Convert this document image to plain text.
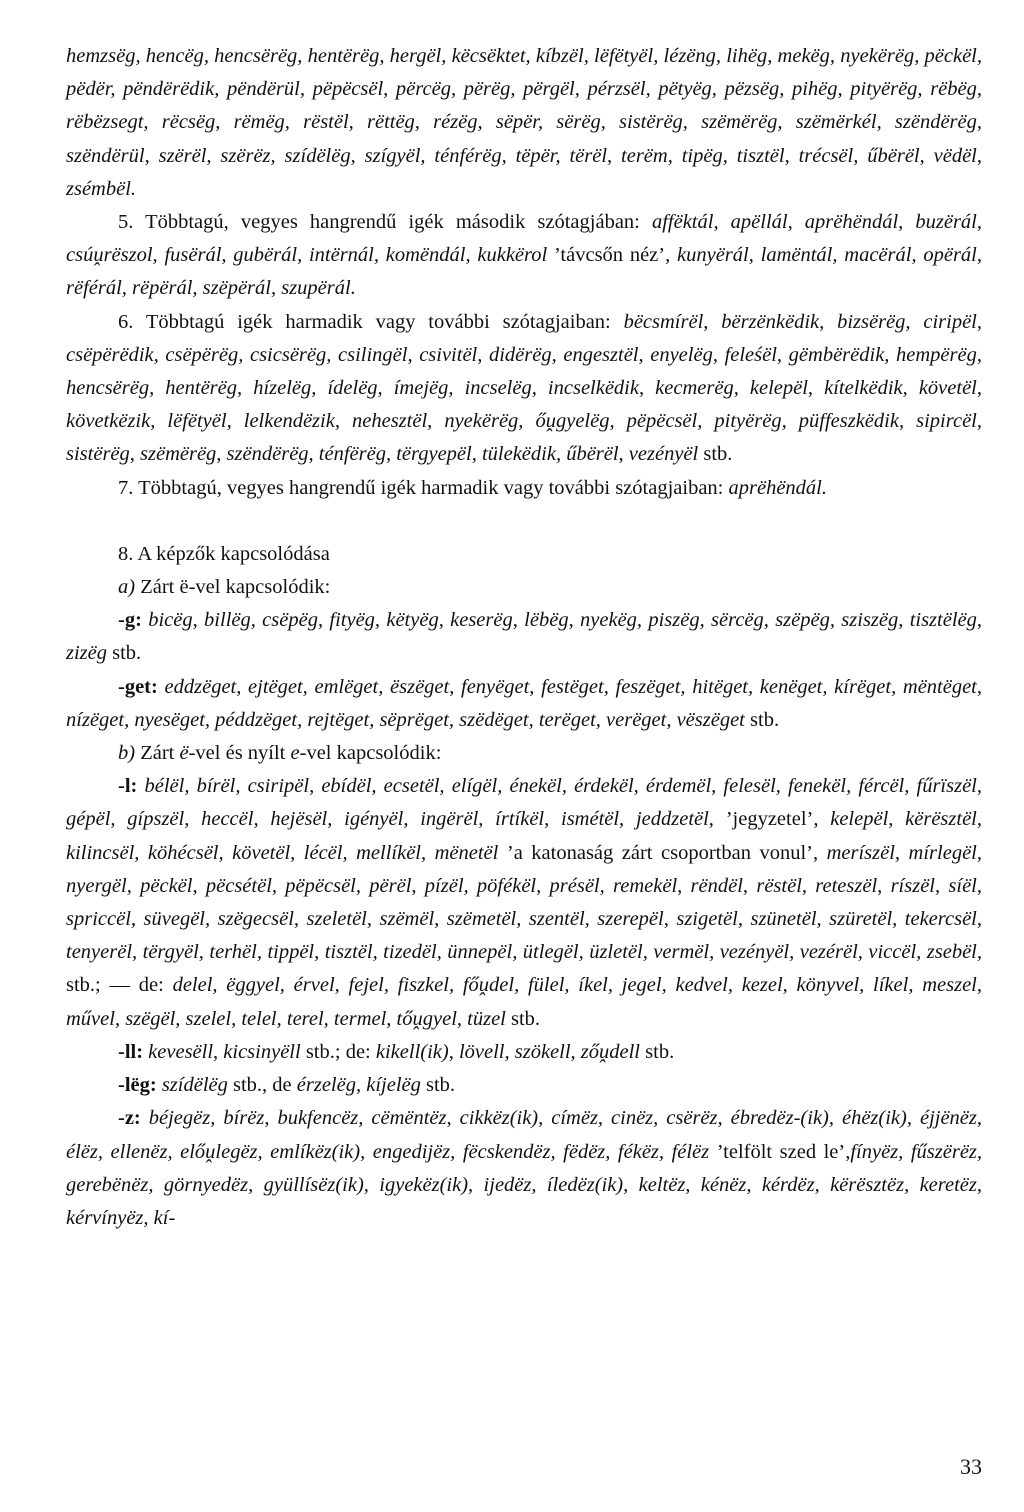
hemzsëg, hencëg, hencsërëg, hentërëg, hergël, këcsëktet, kíbzël, lëfëtyël, lézëng, lihëg, mekëg, nyekërëg, pëckël, pëdër, pëndërëdik, pëndërül, pëpëcsël, përcëg, përëg, përgël, pérzsël, pëtyëg, pëzsëg, pihëg, pityërëg, rëbëg, rëbëzsegt, rëcsëg, rëmëg, rëstël, rëttëg, rézëg, sëpër, sërëg, sistërëg, szëmërëg, szëmërkél, szëndërëg, szëndërül, szërël, szërëz, szídëlëg, szígyël, ténférëg, tëpër, tërël, terëm, tipëg, tisztël, trécsël, űbërël, vëdël, zsémbël.

5. Többtagú, vegyes hangrendű igék második szótagjában: affëktál, apëllál, aprëhëndál, buzërál, csúṷrëszol, fusërál, gubërál, intërnál, komëndál, kukkërol ’távcsőn néz’, kunyërál, lamëntál, macërál, opërál, rëférál, rëpërál, szëpërál, szupërál.

6. Többtagú igék harmadik vagy további szótagjaiban: bëcsmírël, bërzënkëdik, bizsërëg, ciripël, csëpërëdik, csëpërëg, csicsërëg, csilingël, csivitël, didërëg, engesztël, enyelëg, feleśël, gëmbërëdik, hempërëg, hencsërëg, hentërëg, hízelëg, ídelëg, ímejëg, incselëg, incselkëdik, kecmerëg, kelepël, kítelkëdik, követël, követkëzik, lëfëtyël, lelkendëzik, nehesztël, nyekërëg, őṷgyelëg, pëpëcsël, pityërëg, püffeszkëdik, sipircël, sistërëg, szëmërëg, szëndërëg, ténfërëg, tërgyepël, tülekëdik, űbërël, vezényël stb.

7. Többtagú, vegyes hangrendű igék harmadik vagy további szótagjaiban: aprëhëndál.

8. A képzők kapcsolódása

a) Zárt ë-vel kapcsolódik:

-g: bicëg, billëg, csëpëg, fityëg, këtyëg, keserëg, lëbëg, nyekëg, piszëg, sërcëg, szëpëg, sziszëg, tisztëlëg, zizëg stb.

-get: eddzëget, ejtëget, emlëget, ëszëget, fenyëget, festëget, feszëget, hitëget, kenëget, kírëget, mëntëget, nízëget, nyesëget, péddzëget, rejtëget, sëprëget, szëdëget, terëget, verëget, vëszëget stb.

b) Zárt ë-vel és nyílt e-vel kapcsolódik:

-l: bélël, bírël, csiripël, ebídël, ecsetël, elígël, énekël, érdekël, érdemël, felesël, fenekël, fércël, fűrïszël, gépël, gípszël, heccël, hejësël, igényël, ingërël, írtíkël, ismétël, jeddzetël, ’jegyzetel’, kelepël, kërësztël, kilincsël, köhécsël, követël, lécël, mellíkël, mënetël ’a katonaság zárt csoportban vonul’, meríszël, mírlegël, nyergël, pëckël, pëcsétël, pëpëcsël, përël, pízël, pöfékël, présël, remekël, rëndël, rëstël, reteszël, ríszël, síël, spriccël, süvegël, szëgecsël, szeletël, szëmël, szëmetël, szentël, szerepël, szigetël, szünetël, szüretël, tekercsël, tenyerël, tërgyël, terhël, tippël, tisztël, tizedël, ünnepël, ütlegël, üzletël, vermël, vezényël, vezérël, viccël, zsebël, stb.; — de: delel, ëggyel, érvel, fejel, fiszkel, főṷdel, fülel, íkel, jegel, kedvel, kezel, könyvel, líkel, meszel, művel, szëgël, szelel, telel, terel, termel, tőṷgyel, tüzel stb.

-ll: kevesëll, kicsinyëll stb.; de: kikell(ik), lövell, szökell, zőṷdell stb.

-lëg: szídëlëg stb., de érzelëg, kíjelëg stb.

-z: béjegëz, bírëz, bukfencëz, cëmëntëz, cikkëz(ik), címëz, cinëz, csërëz, ébredëz-(ik), éhëz(ik), éjjënëz, élëz, ellenëz, előṷlegëz, emlíkëz(ik), engedijëz, fëcskendëz, fëdëz, fékëz, félëz ’telfölt szed le’,fínyëz, fűszërëz, gerebënëz, görnyedëz, gyüllísëz(ik), igyekëz(ik), ijedëz, íledëz(ik), keltëz, kénëz, kérdëz, kërësztëz, keretëz, kérvínyëz, kí-

33
